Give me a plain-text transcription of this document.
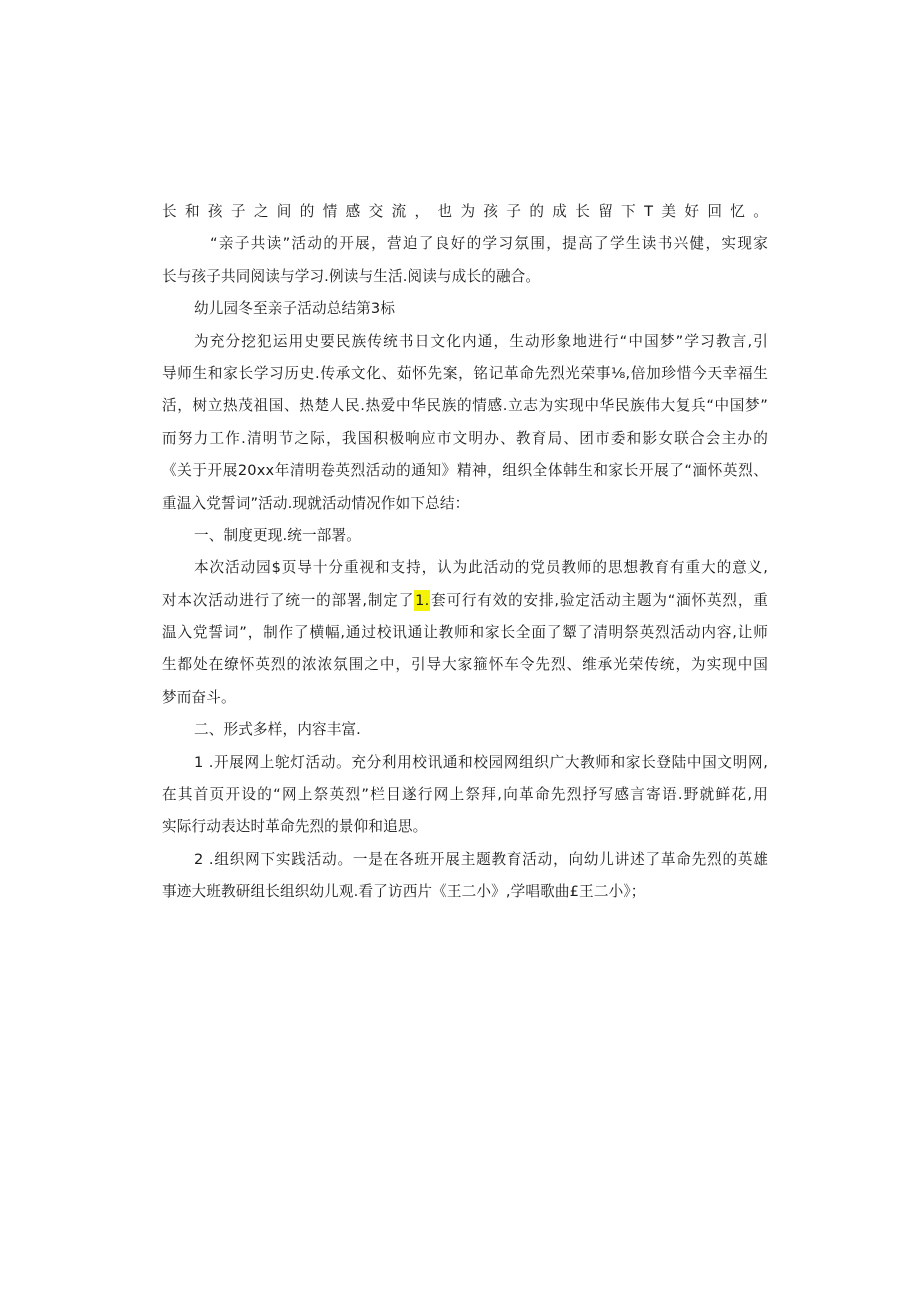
长和孩子之间的情感交流，也为孩子的成长留下T美好回忆。
“亲子共读”活动的开展，营迫了良好的学习氛围，提高了学生读书兴健，实现家
长与孩子共同阅读与学习.例读与生活.阅读与成长的融合。
幼儿园冬至亲子活动总结第3标
为充分挖犯运用史要民族传统书日文化内通，生动形象地进行“中国梦”学习教言,引
导师生和家长学习历史.传承文化、茹怀先案，铭记革命先烈光荣事⅛,倍加珍惜今天幸福生
活，树立热茂祖国、热楚人民.热爱中华民族的情感.立志为实现中华民族伟大复兵“中国梦”
而努力工作.清明节之际，我国积极响应市文明办、教育局、团市委和影女联合会主办的
《关于开展20xx年清明卷英烈活动的通知》精神，组织全体韩生和家长开展了“湎怀英烈、
重温入党誓词”活动.现就活动情况作如下总结：
一、制度更现.统一部署。
本次活动园$页导十分重视和支持，认为此活动的党员教师的思想教育有重大的意义,
对本次活动进行了统一的部署,制定了1.套可行有效的安排,验定活动主题为“湎怀英烈，重
温入党誓词”，制作了横幅,通过校讯通让教师和家长全面了颦了清明祭英烈活动内容,让师
生都处在缭怀英烈的浓浓氛围之中，引导大家箍怀车令先烈、维承光荣传统，为实现中国
梦而奋斗。
二、形式多样，内容丰富.
1 .开展网上鸵灯活动。充分利用校讯通和校园网组织广大教师和家长登陆中国文明网,
在其首页开设的“网上祭英烈”栏目遂行网上祭拜,向革命先烈抒写感言寄语.野就鲜花,用
实际行动表达时革命先烈的景仰和追思。
2 .组织网下实践活动。一是在各班开展主题教育活动，向幼儿讲述了革命先烈的英雄
事迹大班教研组长组织幼儿观.看了访西片《王二小》,学唱歌曲£王二小》；
